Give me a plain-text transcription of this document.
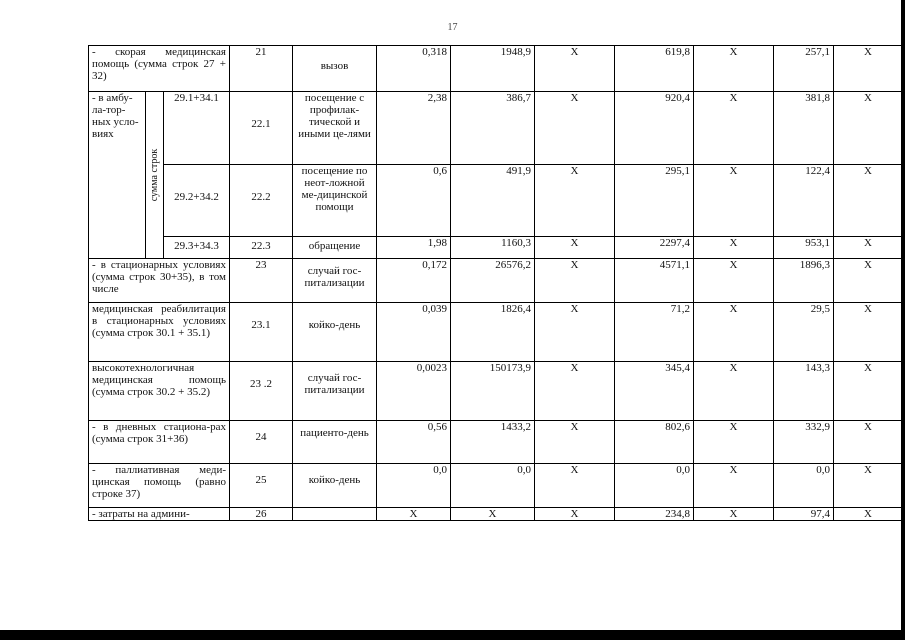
17
- скорая медицинская помощь (сумма строк 27 + 32)			21	вызов	0,318	1948,9	X	619,8	X	257,1	X
- в амбу-ла-тор-ных усло-виях	сумма строк	29.1+34.1	22.1	посещение с профилак-тической и иными це-лями	2,38	386,7	X	920,4	X	381,8	X
		29.2+34.2	22.2	посещение по неот-ложной ме-дицинской помощи	0,6	491,9	X	295,1	X	122,4	X
		29.3+34.3	22.3	обращение	1,98	1160,3	X	2297,4	X	953,1	X
- в стационарных условиях (сумма строк 30+35), в том числе			23	случай гос-питализации	0,172	26576,2	X	4571,1	X	1896,3	X
медицинская реабилитация в стационарных условиях (сумма строк 30.1 + 35.1)			23.1	койко-день	0,039	1826,4	X	71,2	X	29,5	X
высокотехнологичная медицинская помощь (сумма строк 30.2 + 35.2)			23 .2	случай гос-питализации	0,0023	150173,9	X	345,4	X	143,3	X
- в дневных стациона-рах (сумма строк 31+36)			24	пациенто-день	0,56	1433,2	X	802,6	X	332,9	X
- паллиативная меди-цинская помощь (равно строке 37)			25	койко-день	0,0	0,0	X	0,0	X	0,0	X
- затраты на админи-			26		X	X	X	234,8	X	97,4	X
